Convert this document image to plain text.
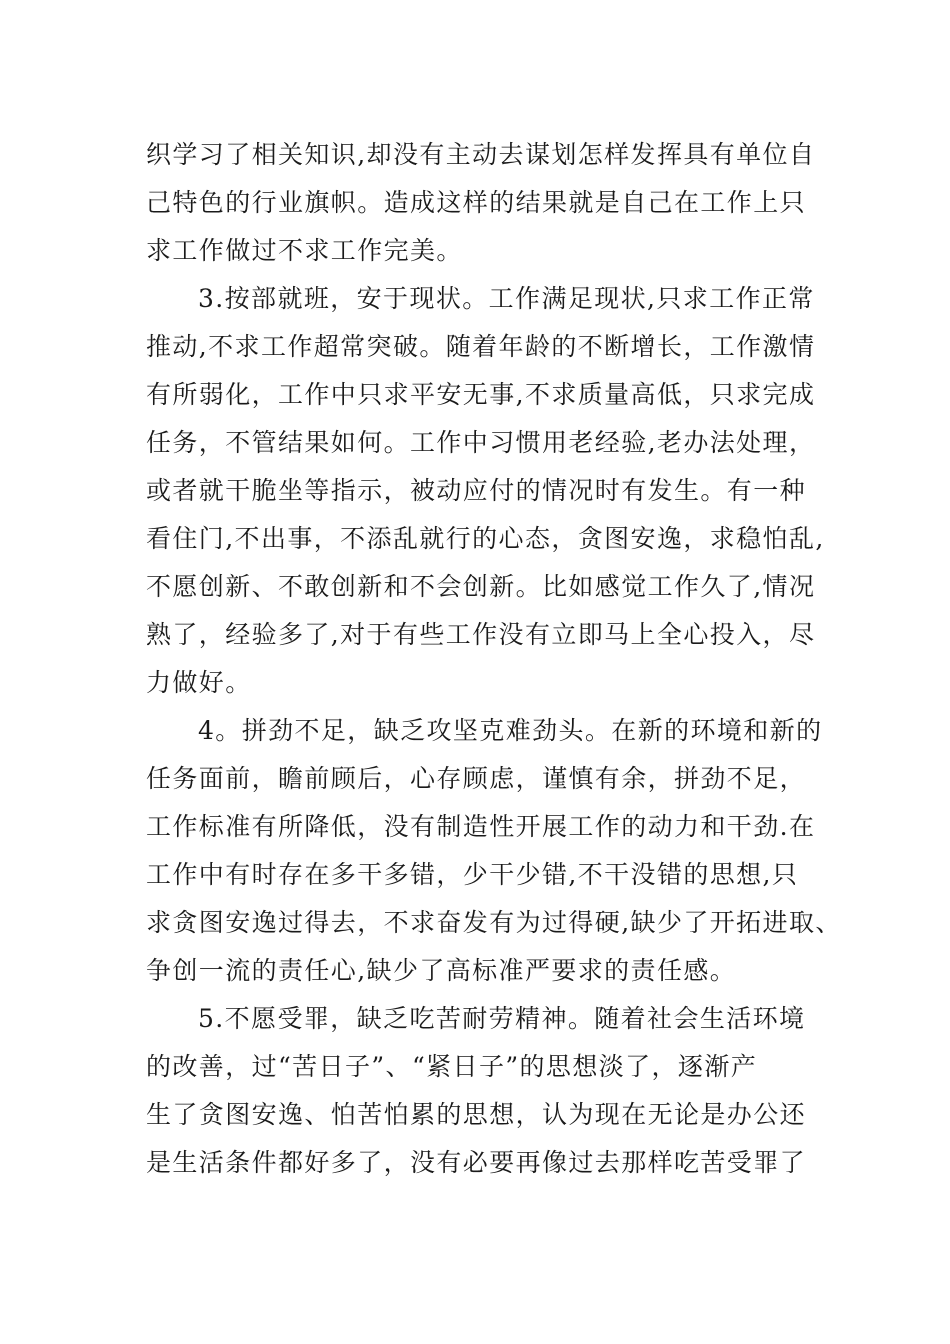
织学习了相关知识,却没有主动去谋划怎样发挥具有单位自
己特色的行业旗帜。造成这样的结果就是自己在工作上只
求工作做过不求工作完美。
3.按部就班，安于现状。工作满足现状,只求工作正常
推动,不求工作超常突破。随着年龄的不断增长，工作激情
有所弱化，工作中只求平安无事,不求质量高低，只求完成
任务，不管结果如何。工作中习惯用老经验,老办法处理，
或者就干脆坐等指示，被动应付的情况时有发生。有一种
看住门,不出事，不添乱就行的心态，贪图安逸，求稳怕乱,
不愿创新、不敢创新和不会创新。比如感觉工作久了,情况
熟了，经验多了,对于有些工作没有立即马上全心投入，尽
力做好。
4。拼劲不足，缺乏攻坚克难劲头。在新的环境和新的
任务面前，瞻前顾后，心存顾虑，谨慎有余，拼劲不足，
工作标准有所降低，没有制造性开展工作的动力和干劲.在
工作中有时存在多干多错，少干少错,不干没错的思想,只
求贪图安逸过得去，不求奋发有为过得硬,缺少了开拓进取、
争创一流的责任心,缺少了高标准严要求的责任感。
5.不愿受罪，缺乏吃苦耐劳精神。随着社会生活环境
的改善，过“苦日子”、“紧日子”的思想淡了，逐渐产
生了贪图安逸、怕苦怕累的思想，认为现在无论是办公还
是生活条件都好多了，没有必要再像过去那样吃苦受罪了
